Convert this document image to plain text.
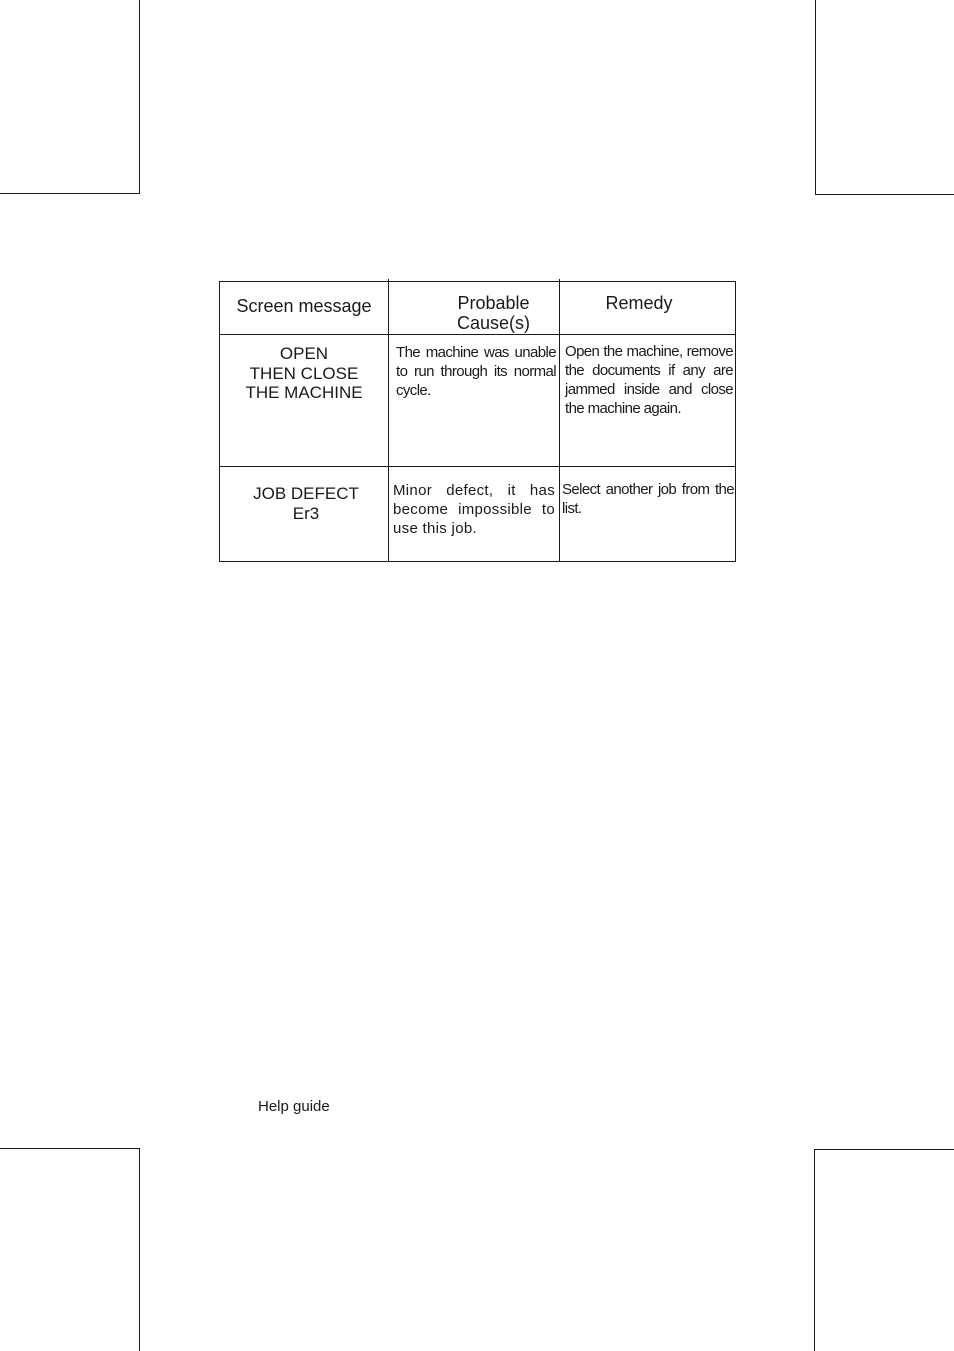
Screen message	Probable
Cause(s)
Remedy
OPEN
THEN CLOSE
THE MACHINE
The machine was unable to run through its normal cycle.
Open the machine, remove the documents if any are jammed inside and close the machine again.
JOB DEFECT
Er3
Minor defect, it has become impossible to use this job.
Select another job from the list.
Help guide
